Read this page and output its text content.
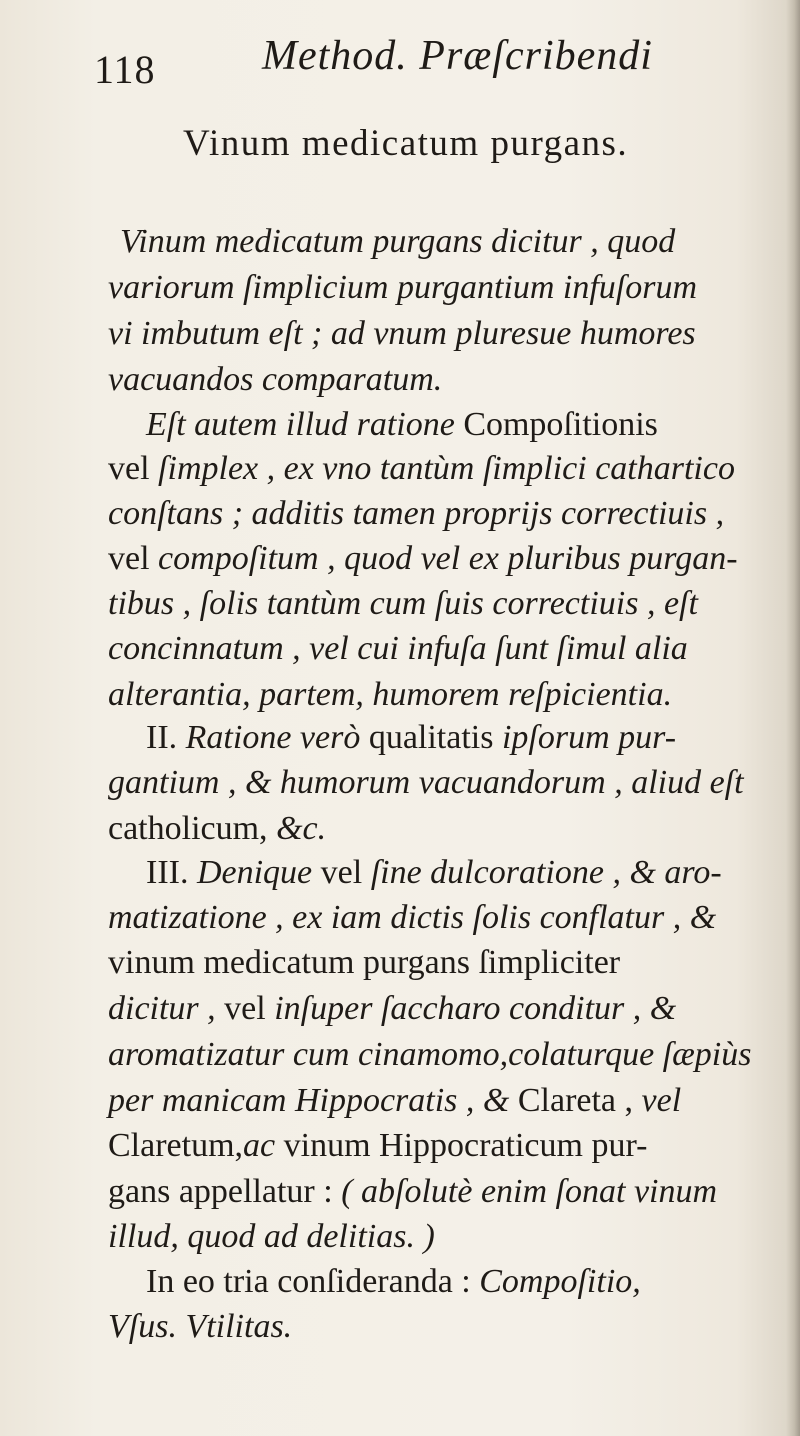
118	Method. Præſcribendi
Vinum medicatum purgans.
Vinum medicatum purgans dicitur , quod
variorum ſimplicium purgantium infuſorum
vi imbutum eſt ; ad vnum pluresue humores
vacuandos comparatum.
Eſt autem illud ratione Compoſitionis
vel ſimplex , ex vno tantùm ſimplici cathartico
conſtans ; additis tamen proprijs correctiuis ,
vel compoſitum , quod vel ex pluribus purgan-
tibus , ſolis tantùm cum ſuis correctiuis , eſt
concinnatum , vel cui infuſa ſunt ſimul alia
alterantia, partem, humorem reſpicientia.
II. Ratione verò qualitatis ipſorum pur-
gantium , & humorum vacuandorum , aliud eſt
catholicum, &c.
III. Denique vel ſine dulcoratione , & aro-
matizatione , ex iam dictis ſolis conflatur , &
vinum medicatum purgans ſimpliciter
dicitur , vel inſuper ſaccharo conditur , &
aromatizatur cum cinamomo,colaturque ſæpiùs
per manicam Hippocratis , & Clareta , vel
Claretum,ac vinum Hippocraticum pur-
gans appellatur : ( abſolutè enim ſonat vinum
illud, quod ad delitias. )
In eo tria conſideranda : Compoſitio,
Vſus. Vtilitas.
